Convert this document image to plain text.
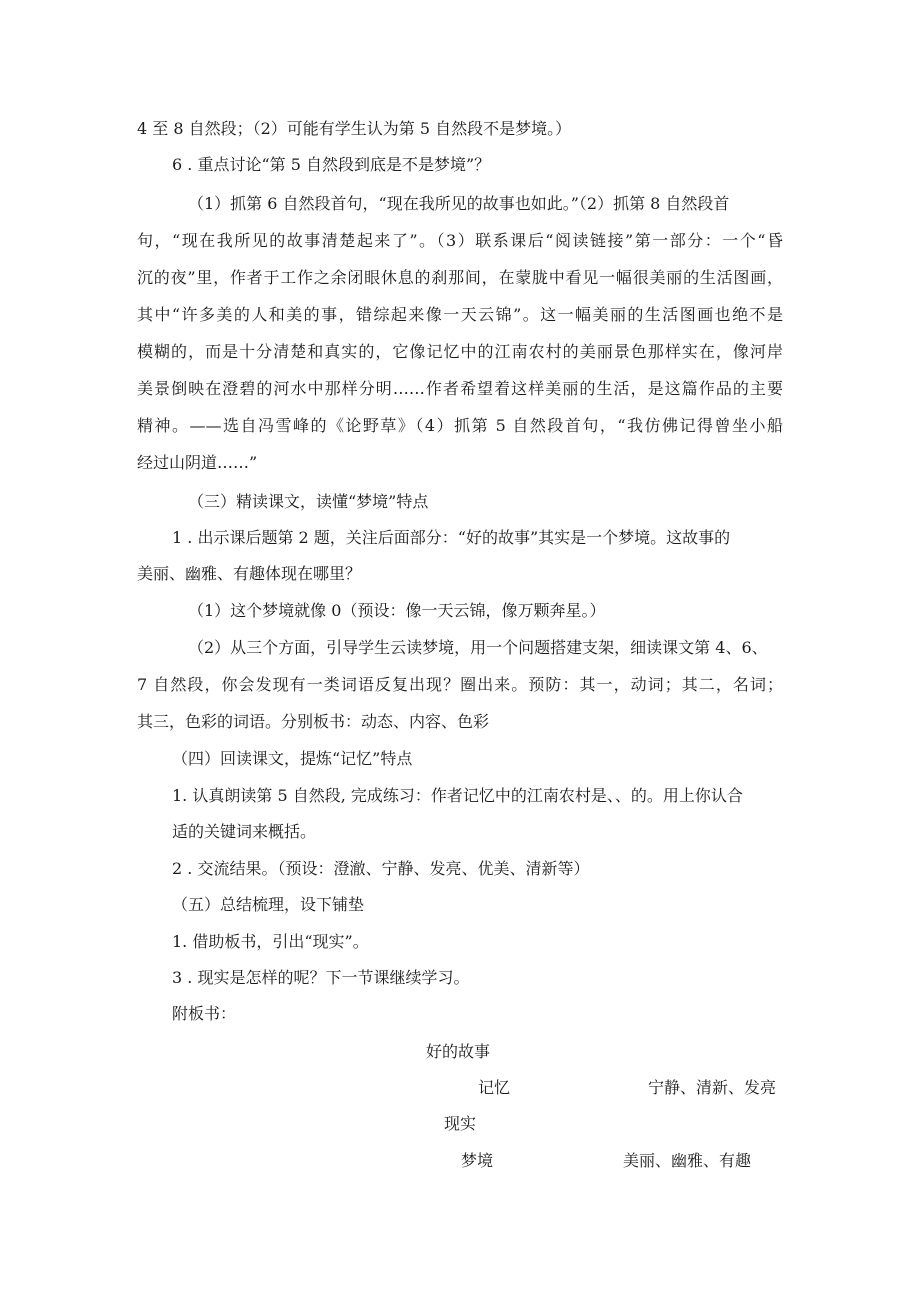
4 至 8 自然段；（2）可能有学生认为第 5 自然段不是梦境。）
6 . 重点讨论“第 5 自然段到底是不是梦境”？
（1）抓第 6 自然段首句，“现在我所见的故事也如此。”（2）抓第 8 自然段首
句，“现在我所见的故事清楚起来了”。（3）联系课后“阅读链接”第一部分：一个“昏
沉的夜”里，作者于工作之余闭眼休息的刹那间，在蒙胧中看见一幅很美丽的生活图画，
其中“许多美的人和美的事，错综起来像一天云锦”。这一幅美丽的生活图画也绝不是
模糊的，而是十分清楚和真实的，它像记忆中的江南农村的美丽景色那样实在，像河岸
美景倒映在澄碧的河水中那样分明……作者希望着这样美丽的生活，是这篇作品的主要
精神。——选自冯雪峰的《论野草》（4）抓第 5 自然段首句，“我仿佛记得曾坐小船
经过山阴道……”
（三）精读课文，读懂“梦境”特点
1 . 出示课后题第 2 题，关注后面部分：“好的故事”其实是一个梦境。这故事的
美丽、幽雅、有趣体现在哪里？
（1）这个梦境就像 0（预设：像一天云锦，像万颗奔星。）
（2）从三个方面，引导学生云读梦境，用一个问题搭建支架，细读课文第 4、6、
7 自然段，你会发现有一类词语反复出现？圈出来。预防：其一，动词；其二，名词；
其三，色彩的词语。分别板书：动态、内容、色彩
（四）回读课文，提炼“记忆”特点
1. 认真朗读第 5 自然段, 完成练习：作者记忆中的江南农村是、、的。用上你认合
适的关键词来概括。
2 . 交流结果。（预设：澄澈、宁静、发亮、优美、清新等）
（五）总结梳理，设下铺垫
1. 借助板书，引出“现实”。
3 . 现实是怎样的呢？下一节课继续学习。
附板书：
好的故事
记忆	宁静、清新、发亮
现实
梦境	美丽、幽雅、有趣
